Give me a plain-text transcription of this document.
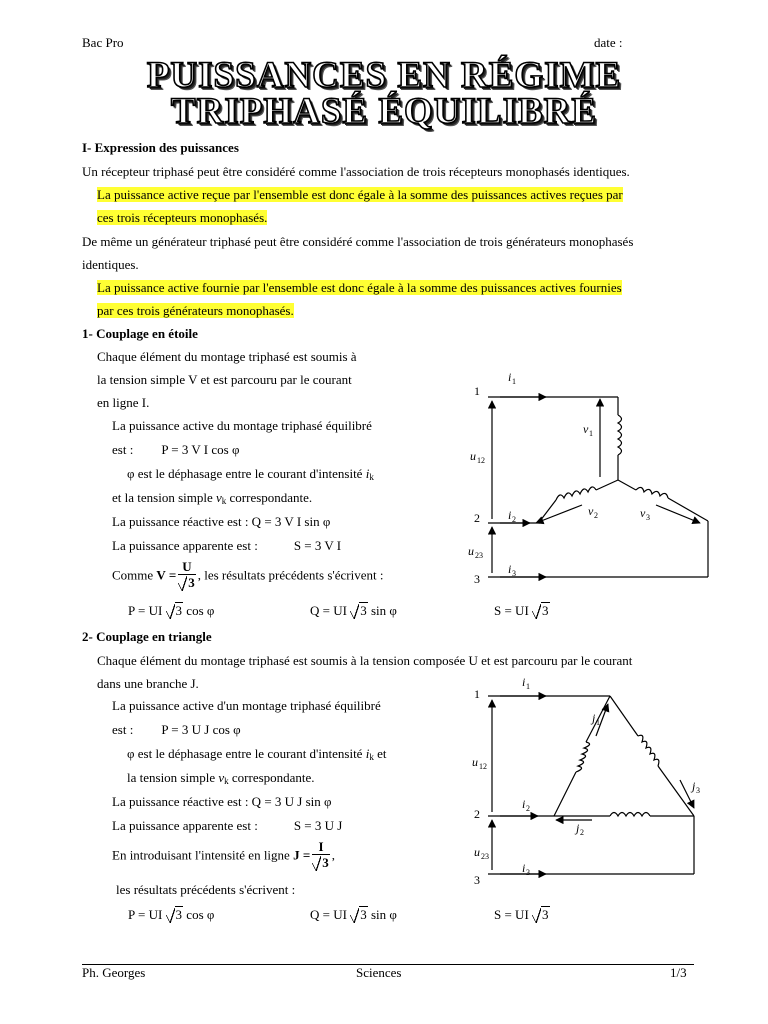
Bac Pro	date :
PUISSANCES EN RÉGIME
TRIPHASÉ ÉQUILIBRÉ
I- Expression des puissances
Un récepteur triphasé peut être considéré comme l'association de trois récepteurs monophasés identiques.
La puissance active reçue par l'ensemble est donc égale à la somme des puissances actives reçues par
ces trois récepteurs monophasés.
De même un générateur triphasé peut être considéré comme l'association de trois générateurs monophasés
identiques.
La puissance active fournie par l'ensemble est donc égale à la somme des puissances actives fournies
par ces trois générateurs monophasés.
1- Couplage en étoile
Chaque élément du montage triphasé est soumis à
la tension simple V et est parcouru par le courant
en ligne I.
La puissance active du montage triphasé équilibré
est : P = 3 V I cos φ
φ est le déphasage entre le courant d'intensité $i_k$
et la tension simple $v_k$ correspondante.
La puissance réactive est : Q = 3 V I sin φ
La puissance apparente est :	S = 3 V I
Comme $V = \frac{U}{3}$ , les résultats précédents s'écrivent :
P = UI 3 cos φ	Q = UI 3 sin φ	S = UI 3
2- Couplage en triangle
Chaque élément du montage triphasé est soumis à la tension composée U et est parcouru par le courant
dans une branche J.
La puissance active d'un montage triphasé équilibré
est : P = 3 U J cos φ
φ est le déphasage entre le courant d'intensité $i_k$ et
la tension simple $v_k$ correspondante.
La puissance réactive est : Q = 3 U J sin φ
La puissance apparente est :	S = 3 U J
En introduisant l'intensité en ligne $J = \frac{I}{3}$ ,
les résultats précédents s'écrivent :
P = UI 3 cos φ	Q = UI 3 sin φ	S = UI 3
1
2
3
i 1
i 2
i 3
u 12
u 23
v 1
v 2	v 3
1
2
3
i 1
i 2
i 3
u 12
u 23
j 1
j 3
j 2
Ph. Georges	Sciences	1/3
